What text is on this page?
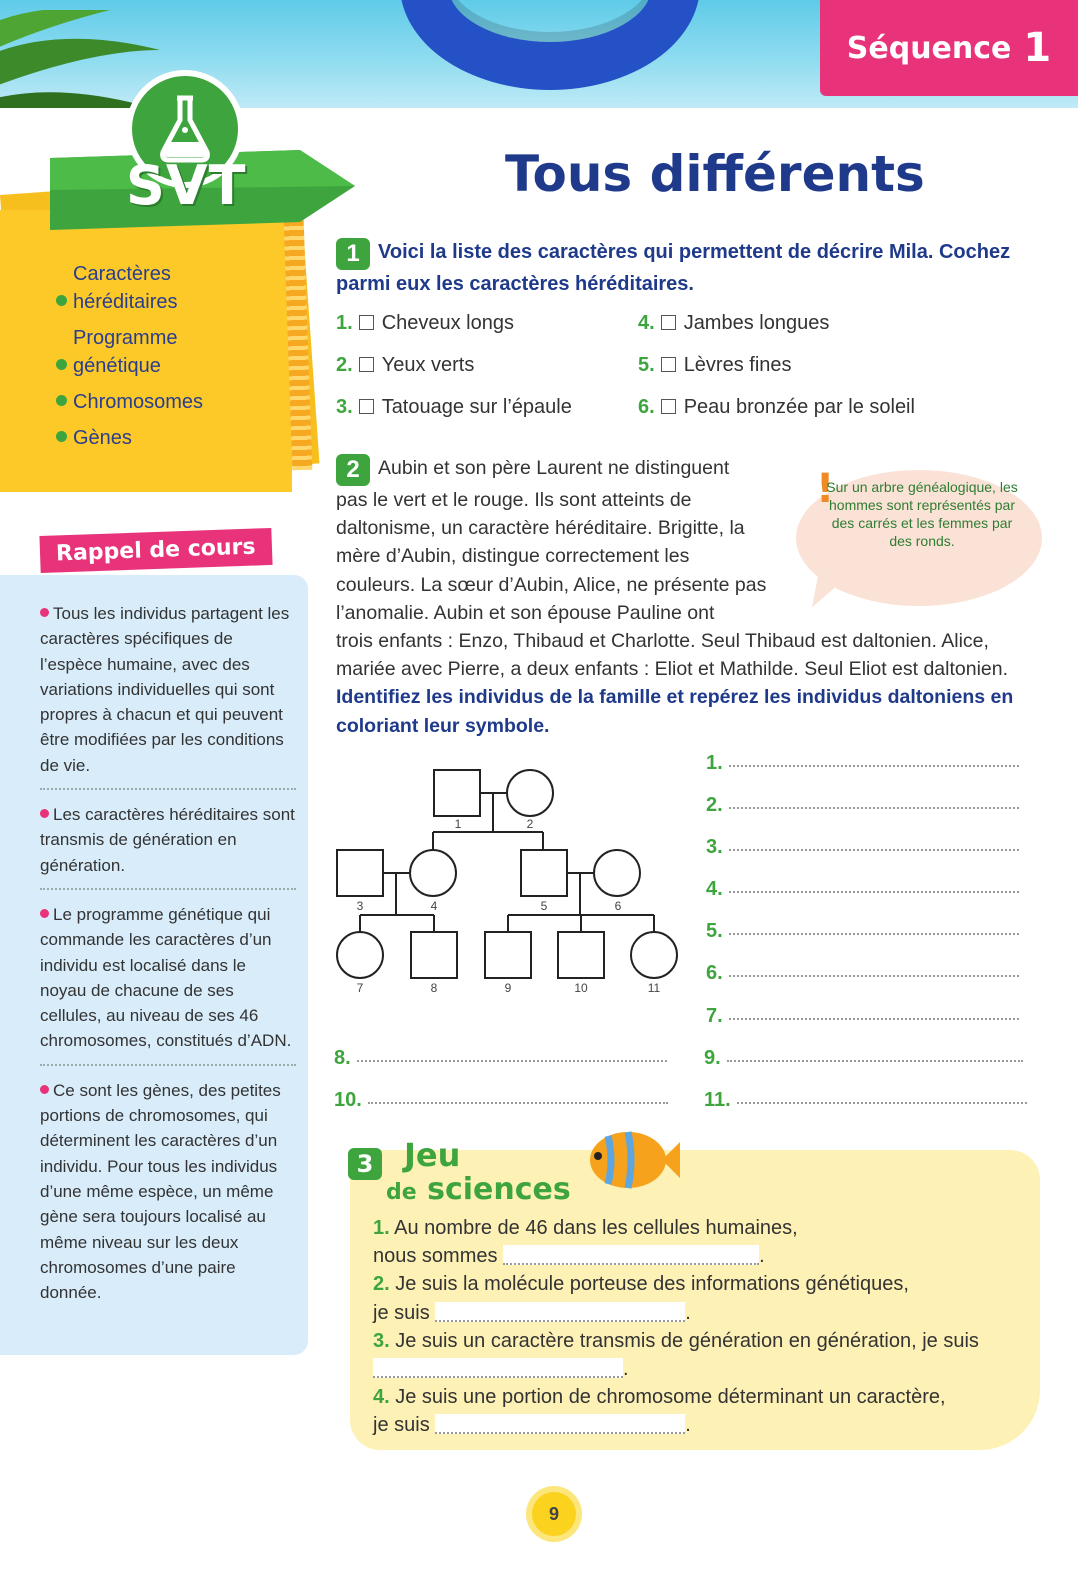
Séquence 1
SVT
Caractères héréditaires
Programme génétique
Chromosomes
Gènes
Rappel de cours

Tous les individus partagent les caractères spécifiques de l’espèce humaine, avec des variations individuelles qui sont propres à chacun et qui peuvent être modifiées par les conditions de vie.

Les caractères héréditaires sont transmis de génération en génération.

Le programme génétique qui commande les caractères d’un individu est localisé dans le noyau de chacune de ses cellules, au niveau de ses 46 chromosomes, constitués d’ADN.

Ce sont les gènes, des petites portions de chromosomes, qui déterminent les caractères d’un individu. Pour tous les individus d’une même espèce, un même gène sera toujours localisé au même niveau sur les deux chromosomes d’une paire donnée.

Tous différents
1 Voici la liste des caractères qui permettent de décrire Mila. Cochez parmi eux les caractères héréditaires.
1. Cheveux longs
2. Yeux verts
3. Tatouage sur l’épaule
4. Jambes longues
5. Lèvres fines
6. Peau bronzée par le soleil
!
Sur un arbre généalogique, les hommes sont représentés par des carrés et les femmes par des ronds.
2 Aubin et son père Laurent ne distinguent
pas le vert et le rouge. Ils sont atteints de
daltonisme, un caractère héréditaire. Brigitte, la
mère d’Aubin, distingue correctement les
couleurs. La sœur d’Aubin, Alice, ne présente pas
l’anomalie. Aubin et son épouse Pauline ont
trois enfants : Enzo, Thibaud et Charlotte. Seul Thibaud est daltonien. Alice,
mariée avec Pierre, a deux enfants : Eliot et Mathilde. Seul Eliot est daltonien.
Identifiez les individus de la famille et repérez les individus daltoniens en coloriant leur symbole.
1	2
3	4	5	6
7	8	9	10	11
1.
2.
3.
4.
5.
6.
7.
8.	9.
10.	11.
3 Jeu
de sciences
1. Au nombre de 46 dans les cellules humaines,
nous sommes	.
2. Je suis la molécule porteuse des informations génétiques,
je suis	.
3. Je suis un caractère transmis de génération en génération, je suis
.
4. Je suis une portion de chromosome déterminant un caractère,
je suis	.
9
